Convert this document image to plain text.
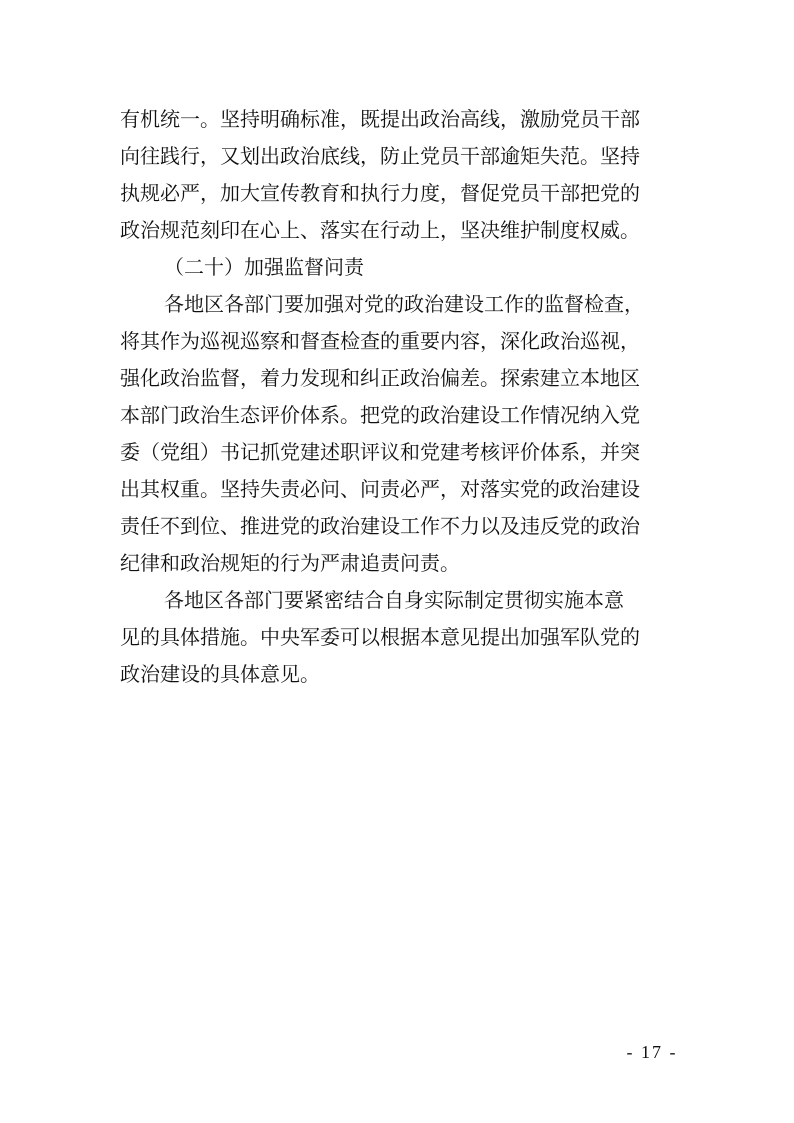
有机统一。坚持明确标准，既提出政治高线，激励党员干部
向往践行，又划出政治底线，防止党员干部逾矩失范。坚持
执规必严，加大宣传教育和执行力度，督促党员干部把党的
政治规范刻印在心上、落实在行动上，坚决维护制度权威。
（二十）加强监督问责
各地区各部门要加强对党的政治建设工作的监督检查，
将其作为巡视巡察和督查检查的重要内容，深化政治巡视，
强化政治监督，着力发现和纠正政治偏差。探索建立本地区
本部门政治生态评价体系。把党的政治建设工作情况纳入党
委（党组）书记抓党建述职评议和党建考核评价体系，并突
出其权重。坚持失责必问、问责必严，对落实党的政治建设
责任不到位、推进党的政治建设工作不力以及违反党的政治
纪律和政治规矩的行为严肃追责问责。
各地区各部门要紧密结合自身实际制定贯彻实施本意
见的具体措施。中央军委可以根据本意见提出加强军队党的
政治建设的具体意见。
- 17 -
